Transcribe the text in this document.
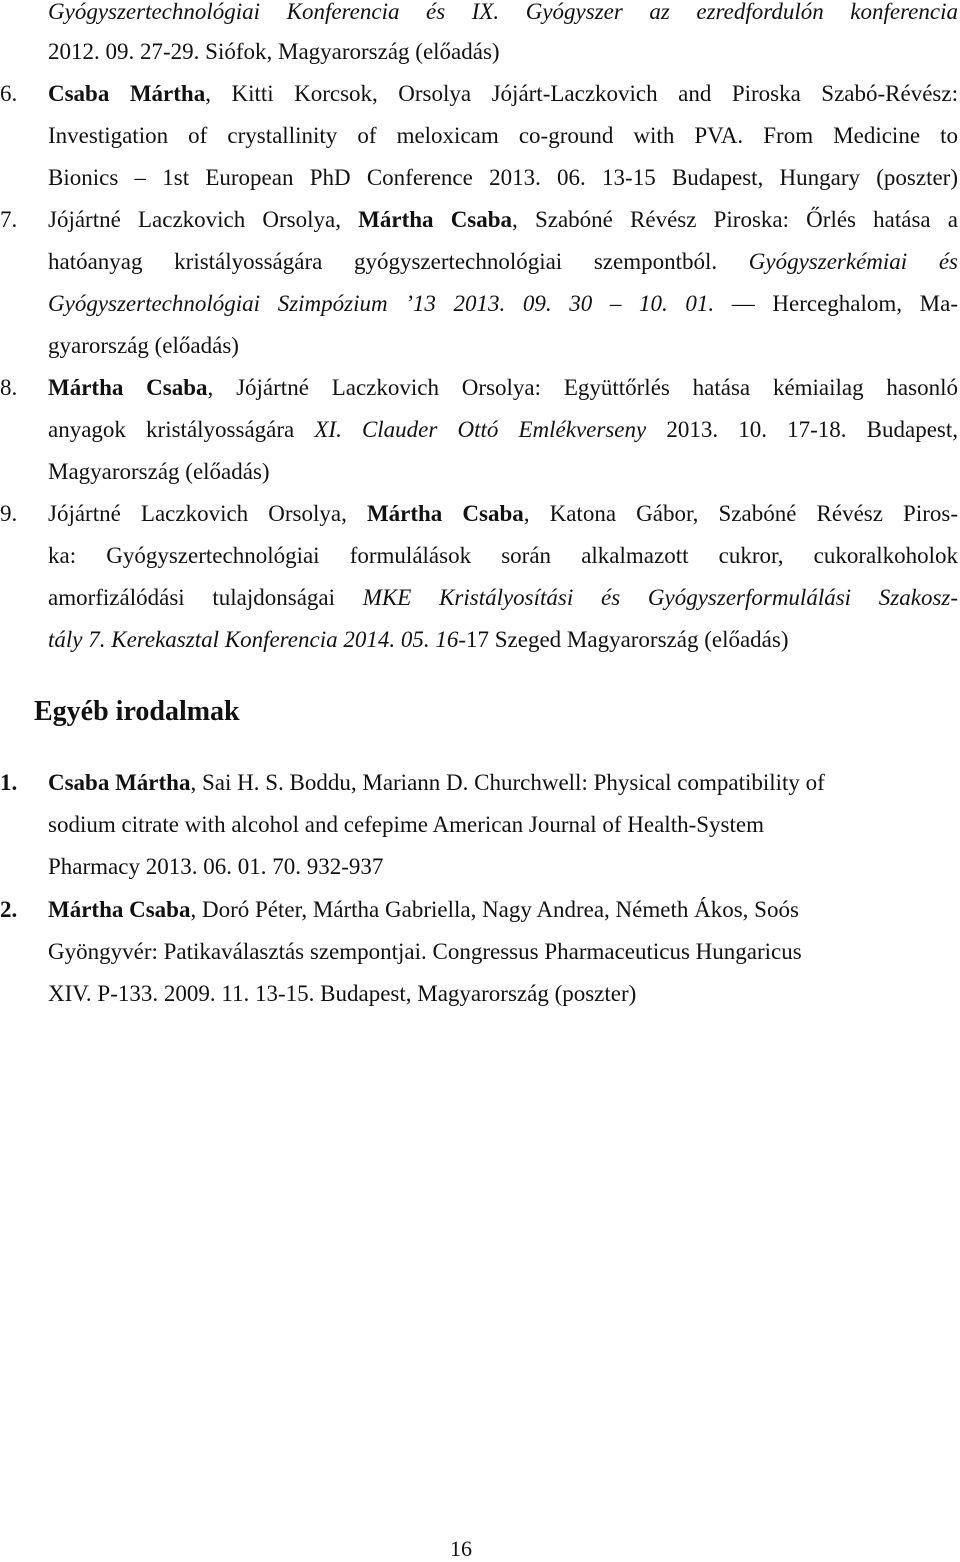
Gyógyszertechnológiai Konferencia és IX. Gyógyszer az ezredfordulón konferencia
2012. 09. 27-29. Siófok, Magyarország (előadás)
6. Csaba Mártha, Kitti Korcsok, Orsolya Jójárt-Laczkovich and Piroska Szabó-Révész:
Investigation of crystallinity of meloxicam co-ground with PVA. From Medicine to
Bionics – 1st European PhD Conference 2013. 06. 13-15 Budapest, Hungary (poszter)
7. Jójártné Laczkovich Orsolya, Mártha Csaba, Szabóné Révész Piroska: Őrlés hatása a
hatóanyag kristályosságára gyógyszertechnológiai szempontból. Gyógyszerkémiai és
Gyógyszertechnológiai Szimpózium ’13 2013. 09. 30 – 10. 01. — Herceghalom, Ma-
gyarország (előadás)
8. Mártha Csaba, Jójártné Laczkovich Orsolya: Együttőrlés hatása kémiailag hasonló
anyagok kristályosságára XI. Clauder Ottó Emlékverseny 2013. 10. 17-18. Budapest,
Magyarország (előadás)
9. Jójártné Laczkovich Orsolya, Mártha Csaba, Katona Gábor, Szabóné Révész Piros-
ka: Gyógyszertechnológiai formulálások során alkalmazott cukror, cukoralkoholok
amorfizálódási tulajdonságai MKE Kristályosítási és Gyógyszerformulálási Szakosz-
tály 7. Kerekasztal Konferencia 2014. 05. 16-17 Szeged Magyarország (előadás)
Egyéb irodalmak
1. Csaba Mártha, Sai H. S. Boddu, Mariann D. Churchwell: Physical compatibility of
sodium citrate with alcohol and cefepime American Journal of Health-System
Pharmacy 2013. 06. 01. 70. 932-937
2. Mártha Csaba, Doró Péter, Mártha Gabriella, Nagy Andrea, Németh Ákos, Soós
Gyöngyvér: Patikaválasztás szempontjai. Congressus Pharmaceuticus Hungaricus
XIV. P-133. 2009. 11. 13-15. Budapest, Magyarország (poszter)
16
